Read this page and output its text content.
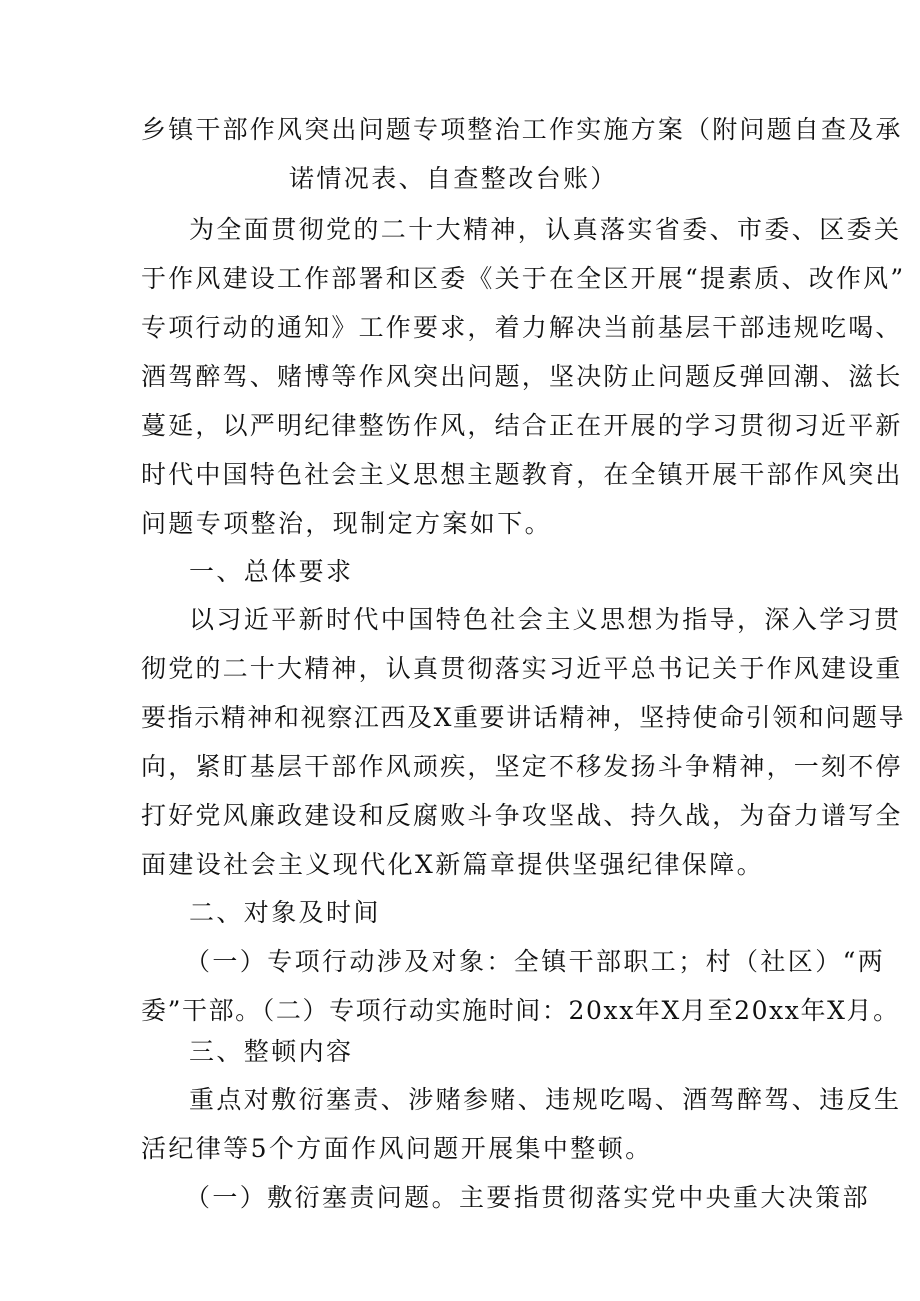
乡镇干部作风突出问题专项整治工作实施方案（附问题自查及承
诺情况表、自查整改台账）
为全面贯彻党的二十大精神，认真落实省委、市委、区委关
于作风建设工作部署和区委《关于在全区开展“提素质、改作风”
专项行动的通知》工作要求，着力解决当前基层干部违规吃喝、
酒驾醉驾、赌博等作风突出问题，坚决防止问题反弹回潮、滋长
蔓延，以严明纪律整饬作风，结合正在开展的学习贯彻习近平新
时代中国特色社会主义思想主题教育，在全镇开展干部作风突出
问题专项整治，现制定方案如下。
一、总体要求
以习近平新时代中国特色社会主义思想为指导，深入学习贯
彻党的二十大精神，认真贯彻落实习近平总书记关于作风建设重
要指示精神和视察江西及X重要讲话精神，坚持使命引领和问题导
向，紧盯基层干部作风顽疾，坚定不移发扬斗争精神，一刻不停
打好党风廉政建设和反腐败斗争攻坚战、持久战，为奋力谱写全
面建设社会主义现代化X新篇章提供坚强纪律保障。
二、对象及时间
（一）专项行动涉及对象：全镇干部职工；村（社区）“两
委”干部。（二）专项行动实施时间：20xx年X月至20xx年X月。
三、整顿内容
重点对敷衍塞责、涉赌参赌、违规吃喝、酒驾醉驾、违反生
活纪律等5个方面作风问题开展集中整顿。
（一）敷衍塞责问题。主要指贯彻落实党中央重大决策部
